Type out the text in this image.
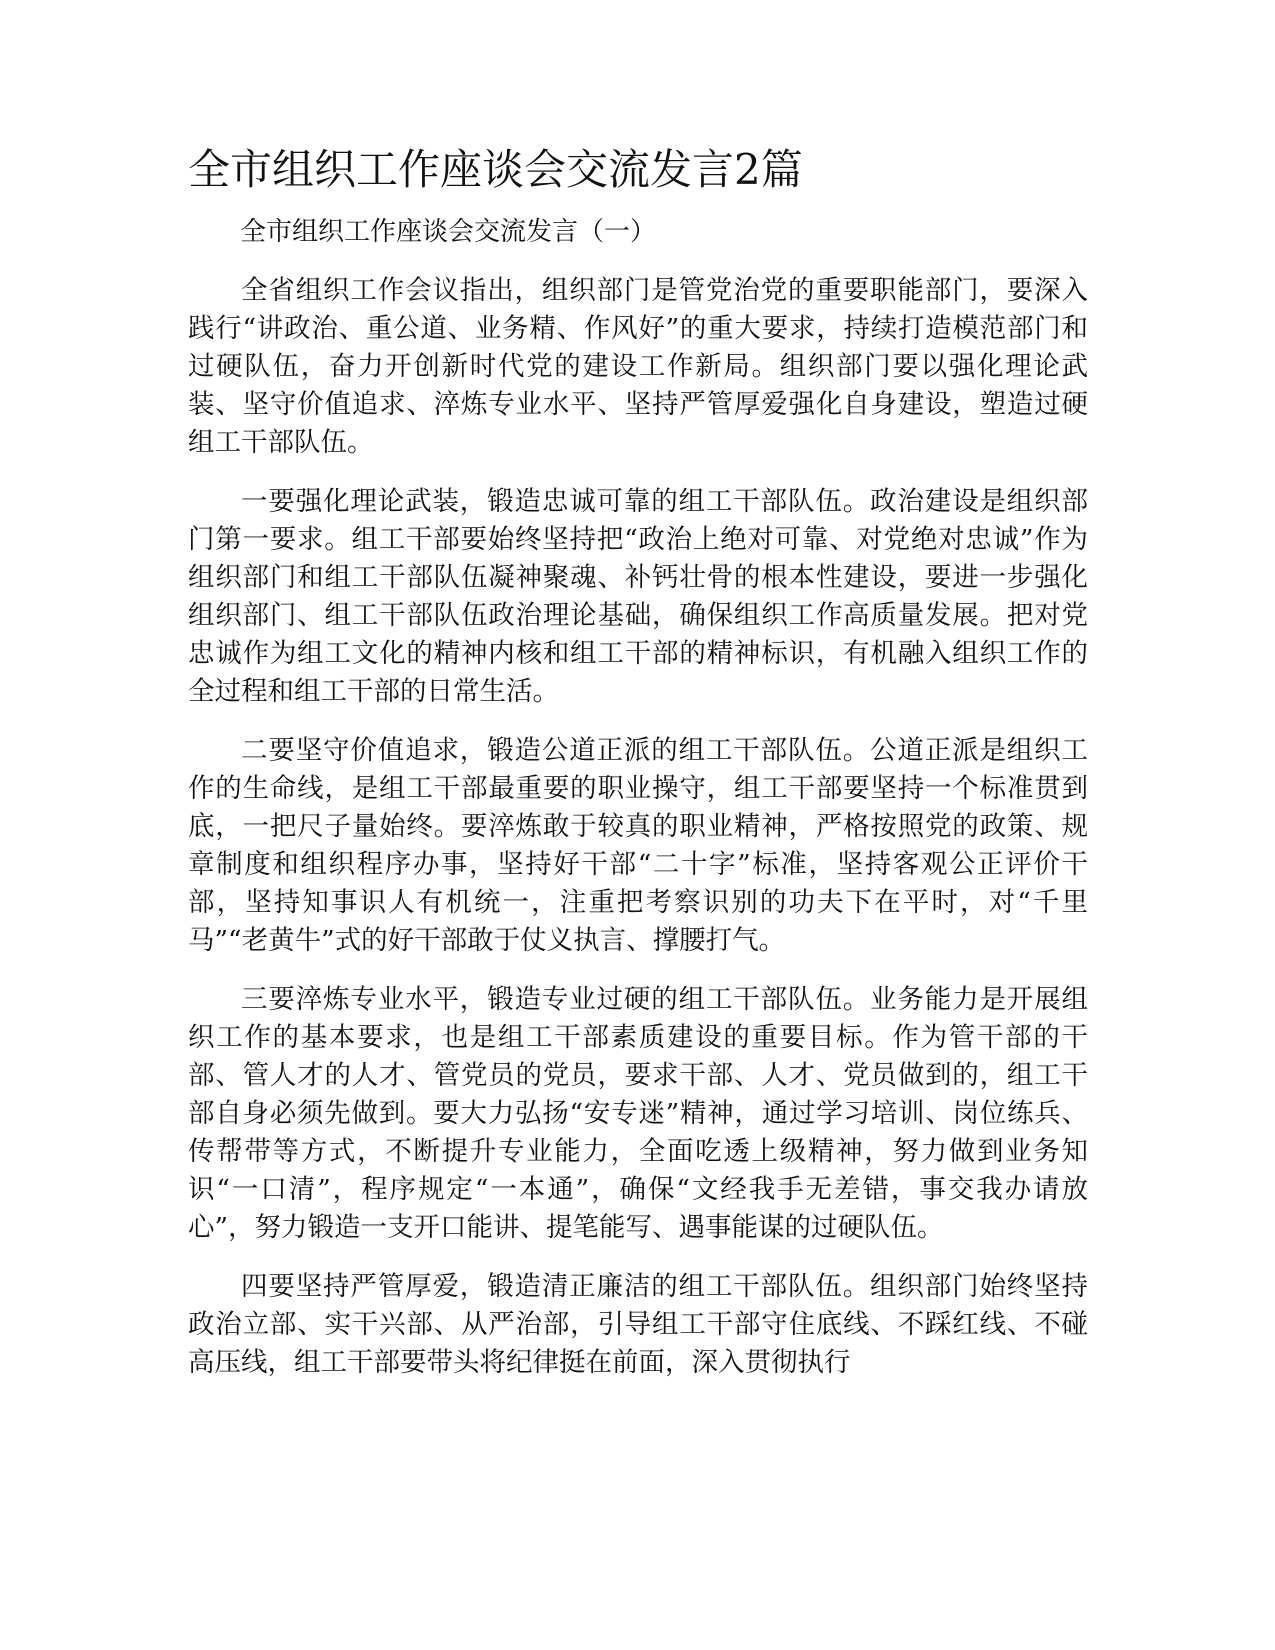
全市组织工作座谈会交流发言2篇

全市组织工作座谈会交流发言（一）

全省组织工作会议指出，组织部门是管党治党的重要职能部门，要深入践行“讲政治、重公道、业务精、作风好”的重大要求，持续打造模范部门和过硬队伍，奋力开创新时代党的建设工作新局。组织部门要以强化理论武装、坚守价值追求、淬炼专业水平、坚持严管厚爱强化自身建设，塑造过硬组工干部队伍。

一要强化理论武装，锻造忠诚可靠的组工干部队伍。政治建设是组织部门第一要求。组工干部要始终坚持把“政治上绝对可靠、对党绝对忠诚”作为组织部门和组工干部队伍凝神聚魂、补钙壮骨的根本性建设，要进一步强化组织部门、组工干部队伍政治理论基础，确保组织工作高质量发展。把对党忠诚作为组工文化的精神内核和组工干部的精神标识，有机融入组织工作的全过程和组工干部的日常生活。

二要坚守价值追求，锻造公道正派的组工干部队伍。公道正派是组织工作的生命线，是组工干部最重要的职业操守，组工干部要坚持一个标准贯到底，一把尺子量始终。要淬炼敢于较真的职业精神，严格按照党的政策、规章制度和组织程序办事，坚持好干部“二十字”标准，坚持客观公正评价干部，坚持知事识人有机统一，注重把考察识别的功夫下在平时，对“千里马”“老黄牛”式的好干部敢于仗义执言、撑腰打气。

三要淬炼专业水平，锻造专业过硬的组工干部队伍。业务能力是开展组织工作的基本要求，也是组工干部素质建设的重要目标。作为管干部的干部、管人才的人才、管党员的党员，要求干部、人才、党员做到的，组工干部自身必须先做到。要大力弘扬“安专迷”精神，通过学习培训、岗位练兵、传帮带等方式，不断提升专业能力，全面吃透上级精神，努力做到业务知识“一口清”，程序规定“一本通”，确保“文经我手无差错，事交我办请放心”，努力锻造一支开口能讲、提笔能写、遇事能谋的过硬队伍。

四要坚持严管厚爱，锻造清正廉洁的组工干部队伍。组织部门始终坚持政治立部、实干兴部、从严治部，引导组工干部守住底线、不踩红线、不碰高压线，组工干部要带头将纪律挺在前面，深入贯彻执行
